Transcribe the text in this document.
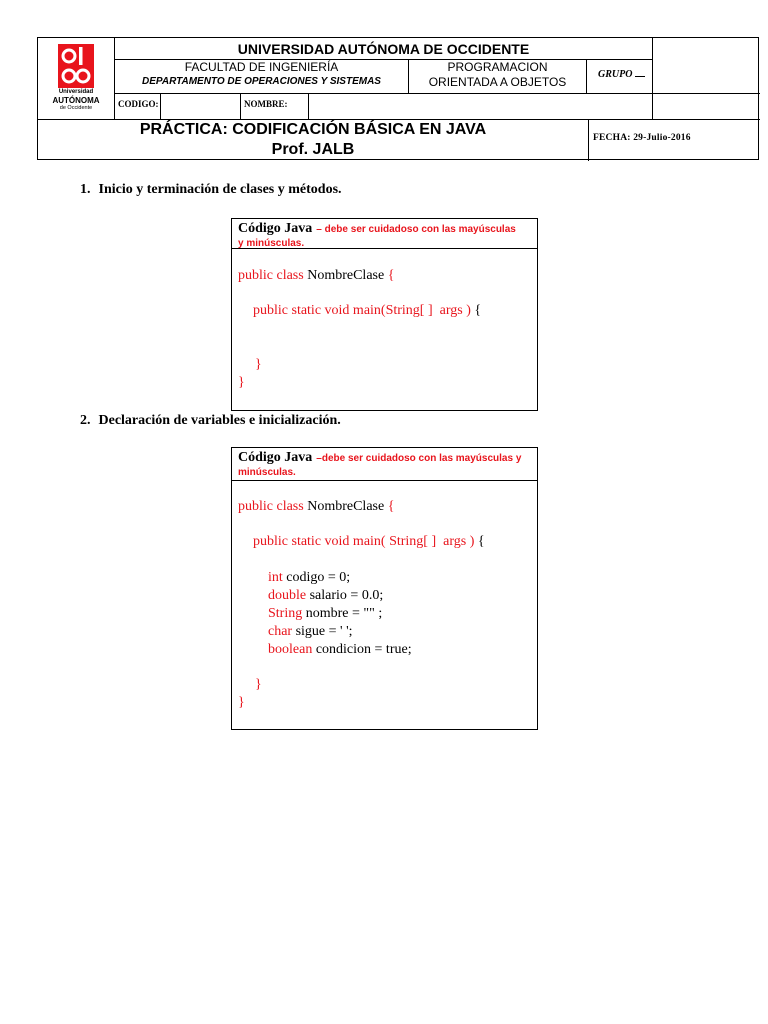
Universidad
AUTÓNOMA
de Occidente
UNIVERSIDAD AUTÓNOMA DE OCCIDENTE
FACULTAD DE INGENIERÍA
DEPARTAMENTO DE OPERACIONES Y SISTEMAS
PROGRAMACION
ORIENTADA A OBJETOS
GRUPO
CODIGO:	NOMBRE:
PRÁCTICA: CODIFICACIÓN BÁSICA EN JAVA
Prof. JALB
FECHA: 29-Julio-2016
1. Inicio y terminación de clases y métodos.
Código Java – debe ser cuidadoso con las mayúsculas
y minúsculas.
public class NombreClase {
public static void main(String[ ]  args ) {
}
}
2. Declaración de variables e inicialización.
Código Java –debe ser cuidadoso con las mayúsculas y
minúsculas.
public class NombreClase {
public static void main( String[ ]  args ) {
int codigo = 0;
double salario = 0.0;
String nombre = "" ;
char sigue = ' ';
boolean condicion = true;
}
}
